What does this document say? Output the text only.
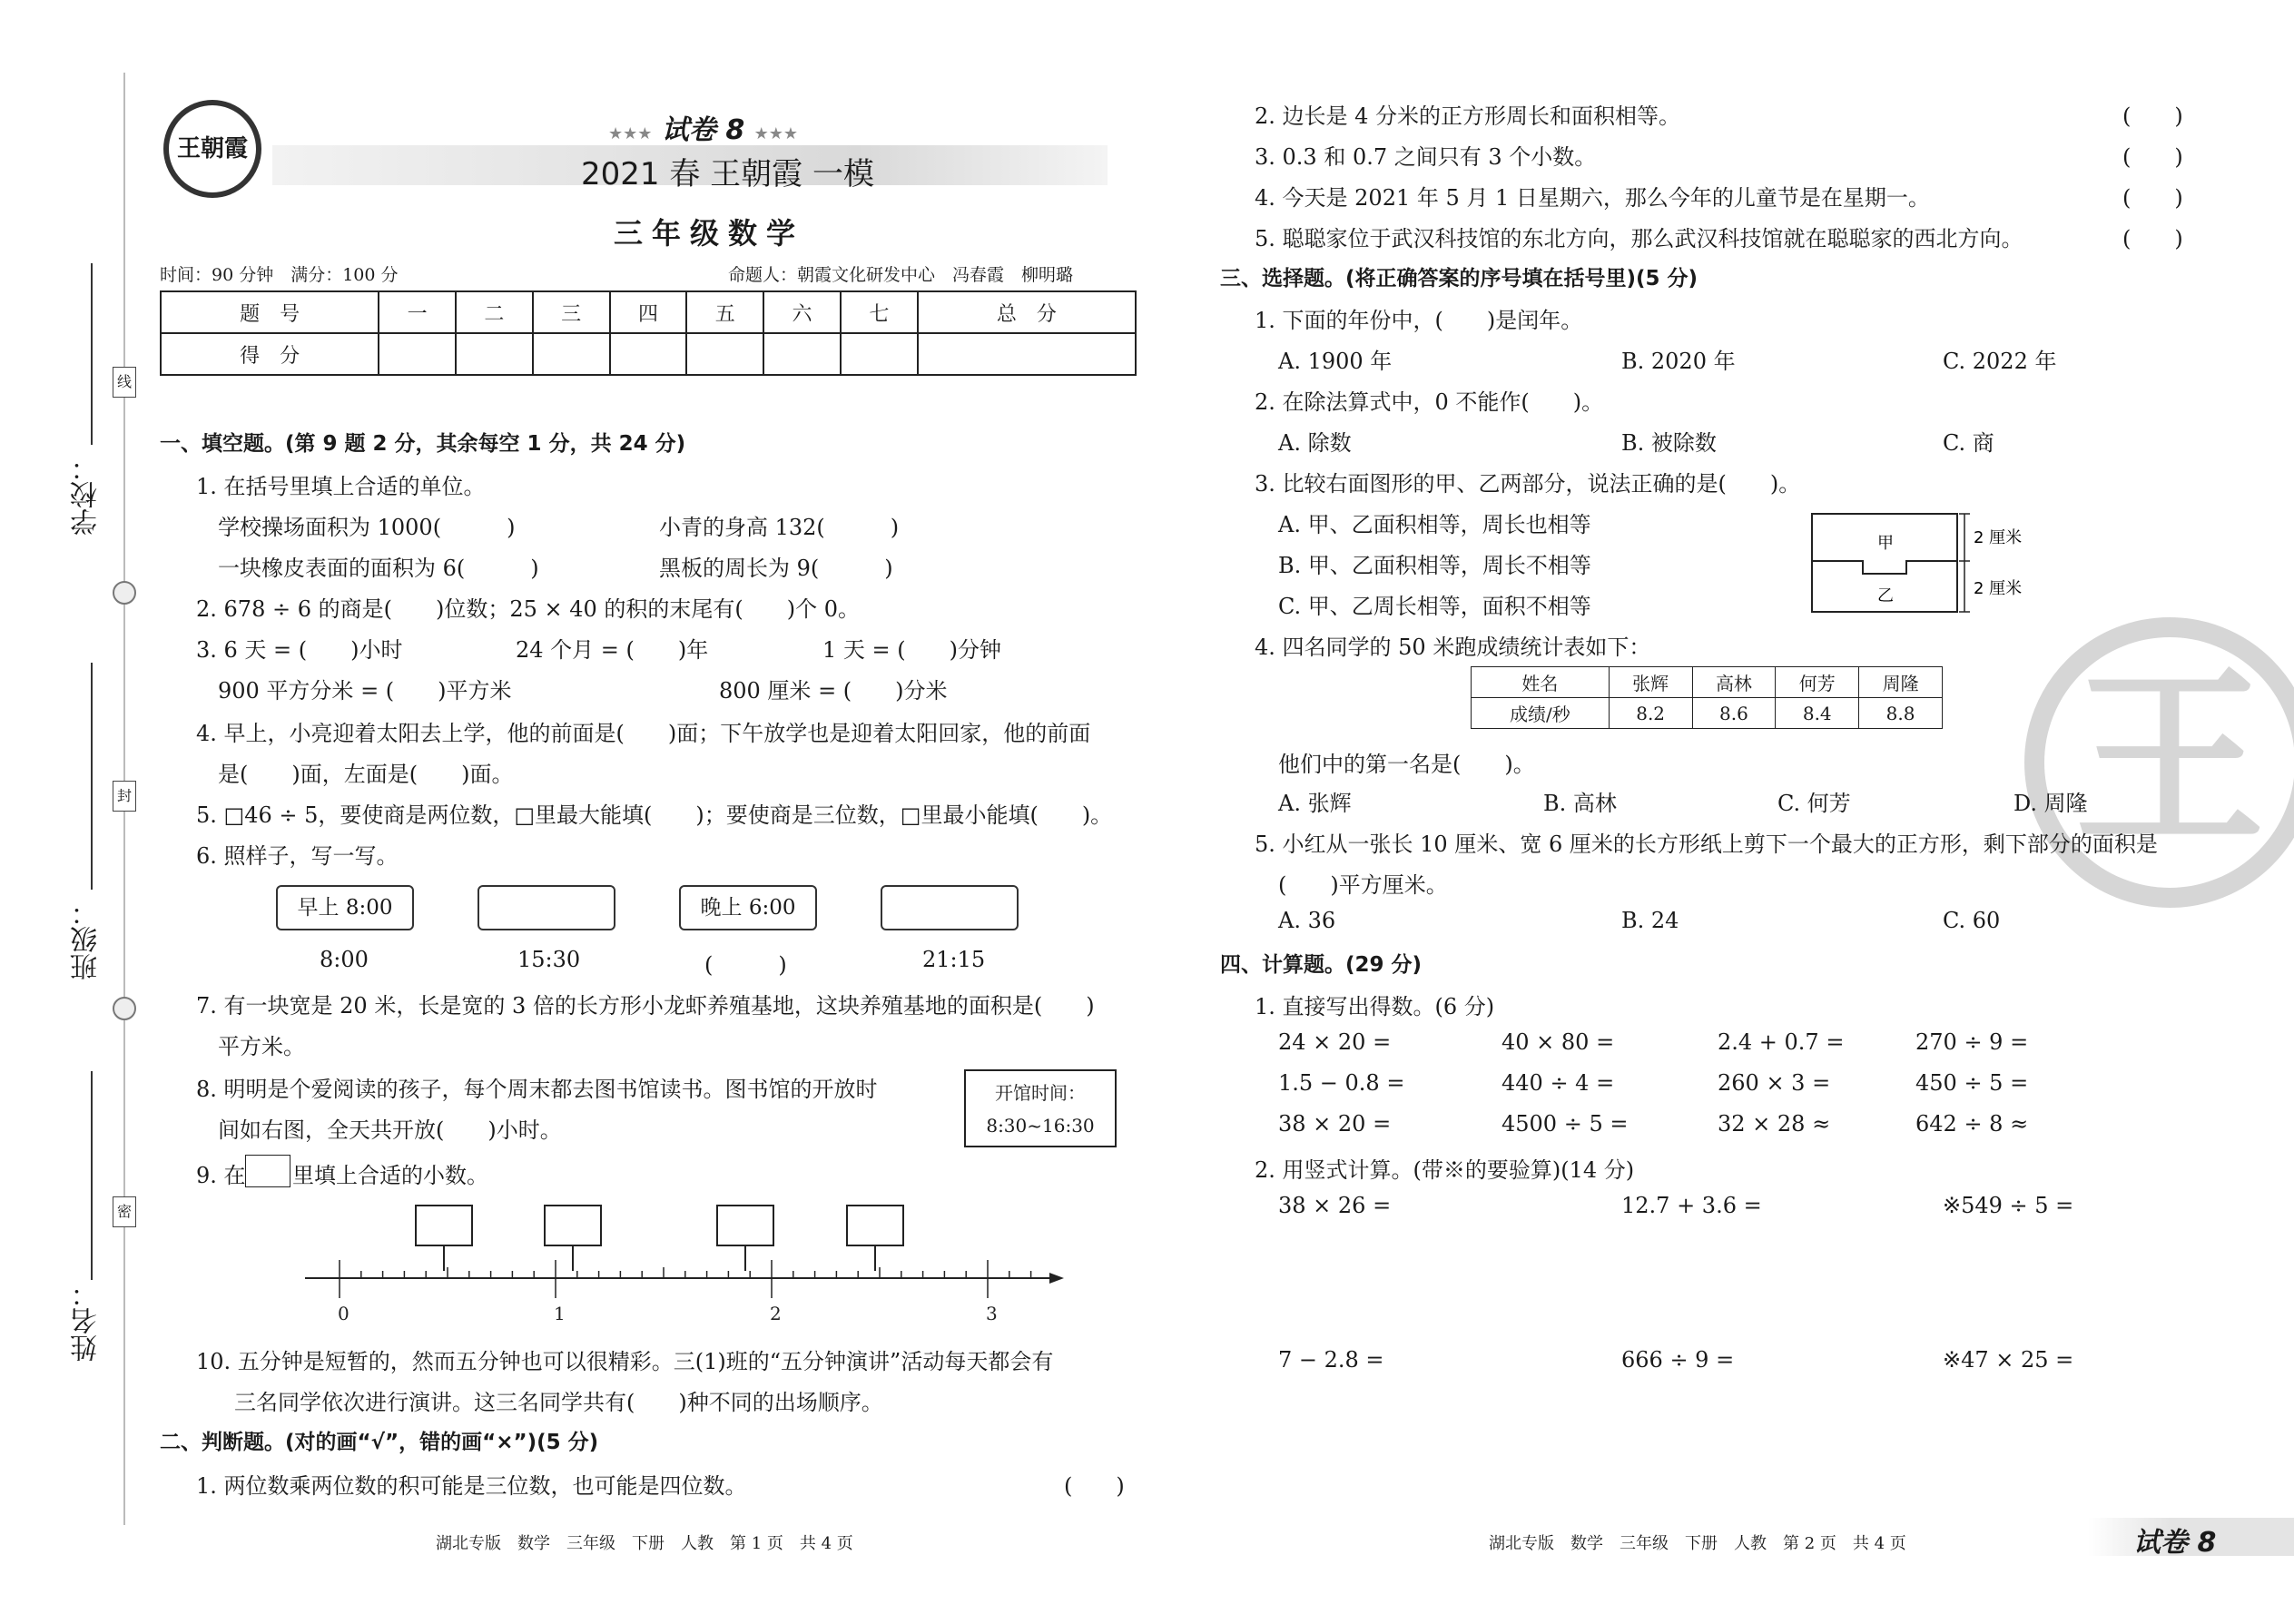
学校：
班级：
姓名：
线
封
密
王朝霞
★★★ 试卷 8 ★★★
2021 春 王朝霞 一模
三年级数学
时间：90 分钟　满分：100 分	命题人：朝霞文化研发中心　冯春霞　柳明璐
题　号	一	二	三	四	五	六	七	总　分
得　分								
一、填空题。(第 9 题 2 分，其余每空 1 分，共 24 分)
1. 在括号里填上合适的单位。
学校操场面积为 1000(　　　)	小青的身高 132(　　　)
一块橡皮表面的面积为 6(　　　)	黑板的周长为 9(　　　)
2. 678 ÷ 6 的商是(　　)位数；25 × 40 的积的末尾有(　　)个 0。
3. 6 天 = (　　)小时	24 个月 = (　　)年	1 天 = (　　)分钟
900 平方分米 = (　　)平方米	800 厘米 = (　　)分米
4. 早上，小亮迎着太阳去上学，他的前面是(　　)面；下午放学也是迎着太阳回家，他的前面
是(　　)面，左面是(　　)面。
5. □46 ÷ 5，要使商是两位数，□里最大能填(　　)；要使商是三位数，□里最小能填(　　)。
6. 照样子，写一写。
早上 8:00	晚上 6:00
8:00	15:30	(　　　)	21:15
7. 有一块宽是 20 米，长是宽的 3 倍的长方形小龙虾养殖基地，这块养殖基地的面积是(　　)
平方米。
8. 明明是个爱阅读的孩子，每个周末都去图书馆读书。图书馆的开放时
间如右图，全天共开放(　　)小时。
开馆时间：
8:30~16:30
9. 在 里填上合适的小数。
0	1	2	3
10. 五分钟是短暂的，然而五分钟也可以很精彩。三(1)班的“五分钟演讲”活动每天都会有
三名同学依次进行演讲。这三名同学共有(　　)种不同的出场顺序。
二、判断题。(对的画“√”，错的画“×”)(5 分)
1. 两位数乘两位数的积可能是三位数，也可能是四位数。	(　　)
2. 边长是 4 分米的正方形周长和面积相等。	(　　)
3. 0.3 和 0.7 之间只有 3 个小数。	(　　)
4. 今天是 2021 年 5 月 1 日星期六，那么今年的儿童节是在星期一。	(　　)
5. 聪聪家位于武汉科技馆的东北方向，那么武汉科技馆就在聪聪家的西北方向。	(　　)
王
三、选择题。(将正确答案的序号填在括号里)(5 分)
1. 下面的年份中，(　　)是闰年。
A. 1900 年	B. 2020 年	C. 2022 年
2. 在除法算式中，0 不能作(　　)。
A. 除数	B. 被除数	C. 商
3. 比较右面图形的甲、乙两部分，说法正确的是(　　)。
A. 甲、乙面积相等，周长也相等
B. 甲、乙面积相等，周长不相等
C. 甲、乙周长相等，面积不相等
甲
乙
2 厘米
2 厘米
4. 四名同学的 50 米跑成绩统计表如下：
姓名	张辉	高林	何芳	周隆
成绩/秒	8.2	8.6	8.4	8.8
他们中的第一名是(　　)。
A. 张辉	B. 高林	C. 何芳	D. 周隆
5. 小红从一张长 10 厘米、宽 6 厘米的长方形纸上剪下一个最大的正方形，剩下部分的面积是
(　　)平方厘米。
A. 36	B. 24	C. 60
四、计算题。(29 分)
1. 直接写出得数。(6 分)
24 × 20 =	40 × 80 =	2.4 + 0.7 =	270 ÷ 9 =
1.5 − 0.8 =	440 ÷ 4 =	260 × 3 =	450 ÷ 5 =
38 × 20 =	4500 ÷ 5 =	32 × 28 ≈	642 ÷ 8 ≈
2. 用竖式计算。(带※的要验算)(14 分)
38 × 26 =	12.7 + 3.6 =	※549 ÷ 5 =
7 − 2.8 =	666 ÷ 9 =	※47 × 25 =
湖北专版　数学　三年级　下册　人教　第 1 页　共 4 页	湖北专版　数学　三年级　下册　人教　第 2 页　共 4 页	试卷 8
